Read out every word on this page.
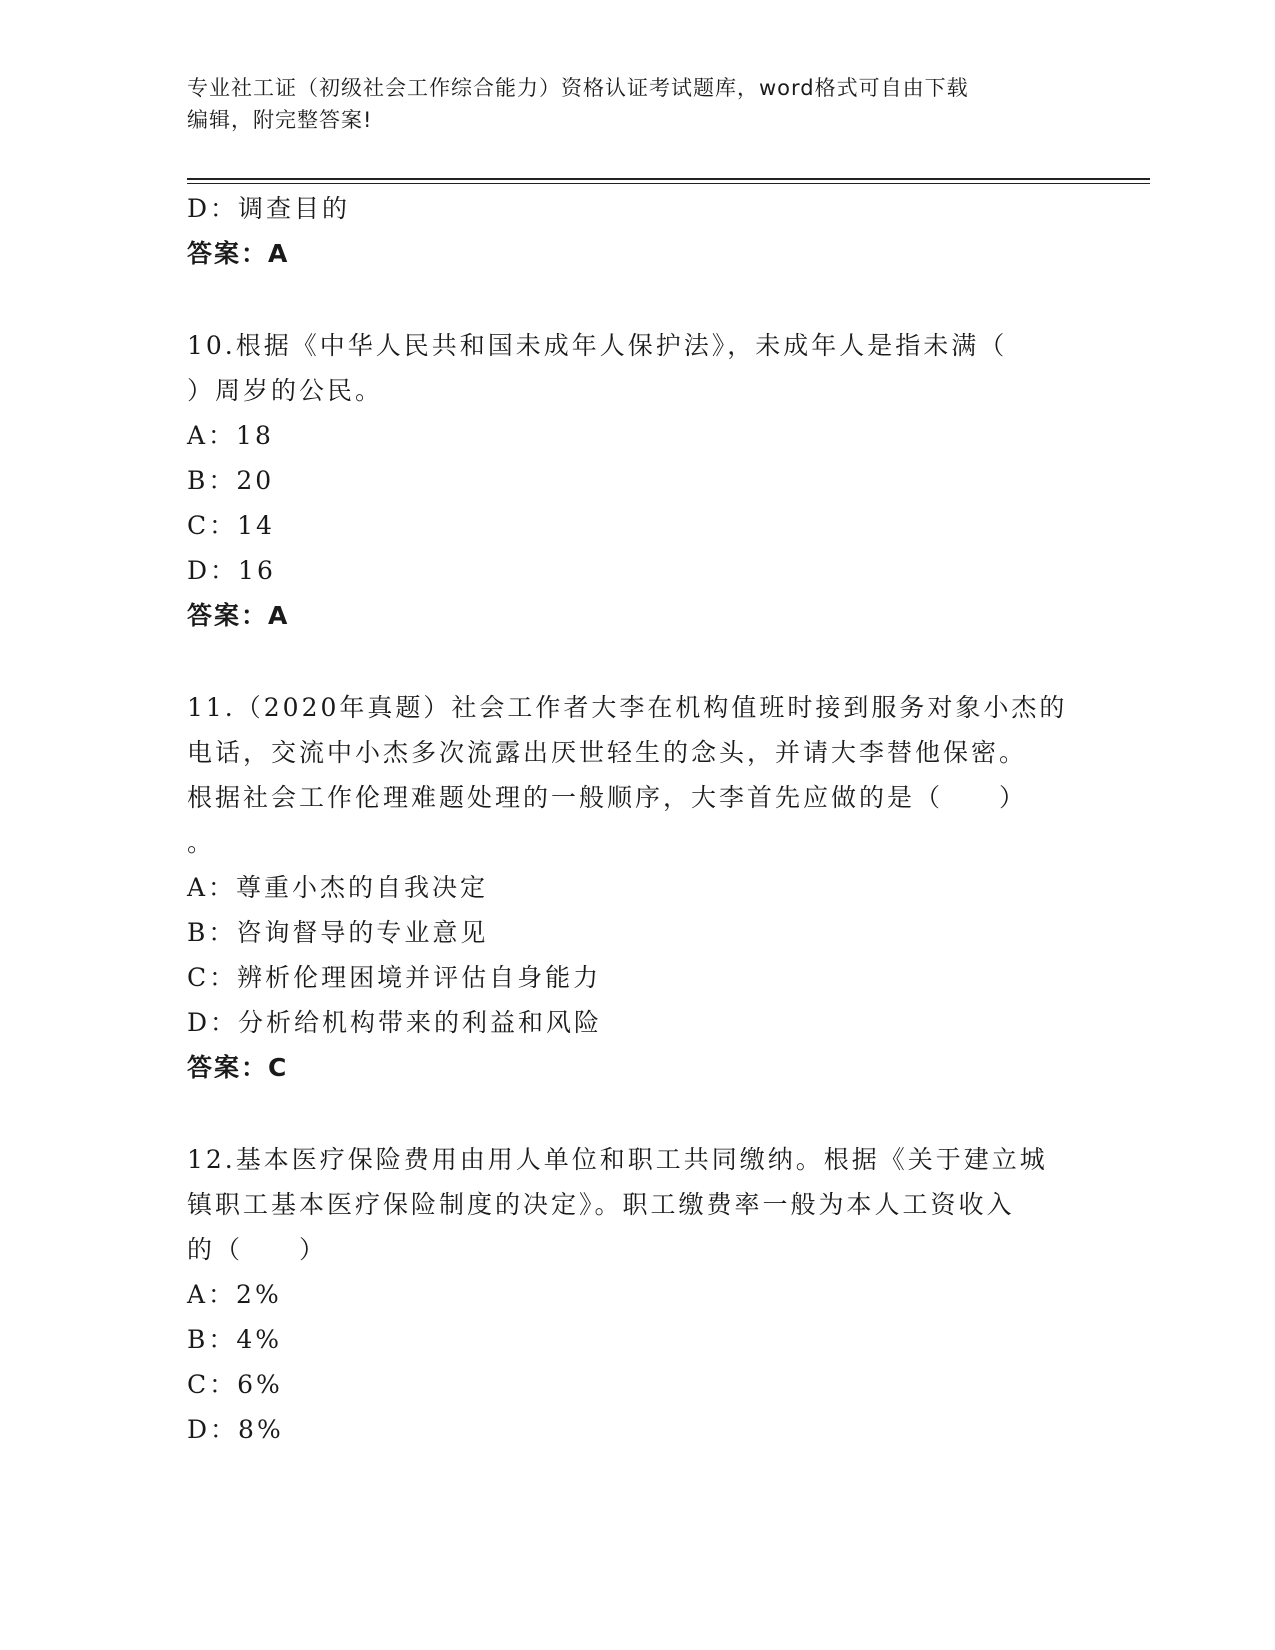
专业社工证（初级社会工作综合能力）资格认证考试题库，word格式可自由下载
编辑，附完整答案!
D：调查目的
答案：A
10.根据《中华人民共和国未成年人保护法》，未成年人是指未满（
）周岁的公民。
A：18
B：20
C：14
D：16
答案：A
11.（2020年真题）社会工作者大李在机构值班时接到服务对象小杰的
电话，交流中小杰多次流露出厌世轻生的念头，并请大李替他保密。
根据社会工作伦理难题处理的一般顺序，大李首先应做的是（　　）
。
A：尊重小杰的自我决定
B：咨询督导的专业意见
C：辨析伦理困境并评估自身能力
D：分析给机构带来的利益和风险
答案：C
12.基本医疗保险费用由用人单位和职工共同缴纳。根据《关于建立城
镇职工基本医疗保险制度的决定》。职工缴费率一般为本人工资收入
的（　　）
A：2%
B：4%
C：6%
D：8%
